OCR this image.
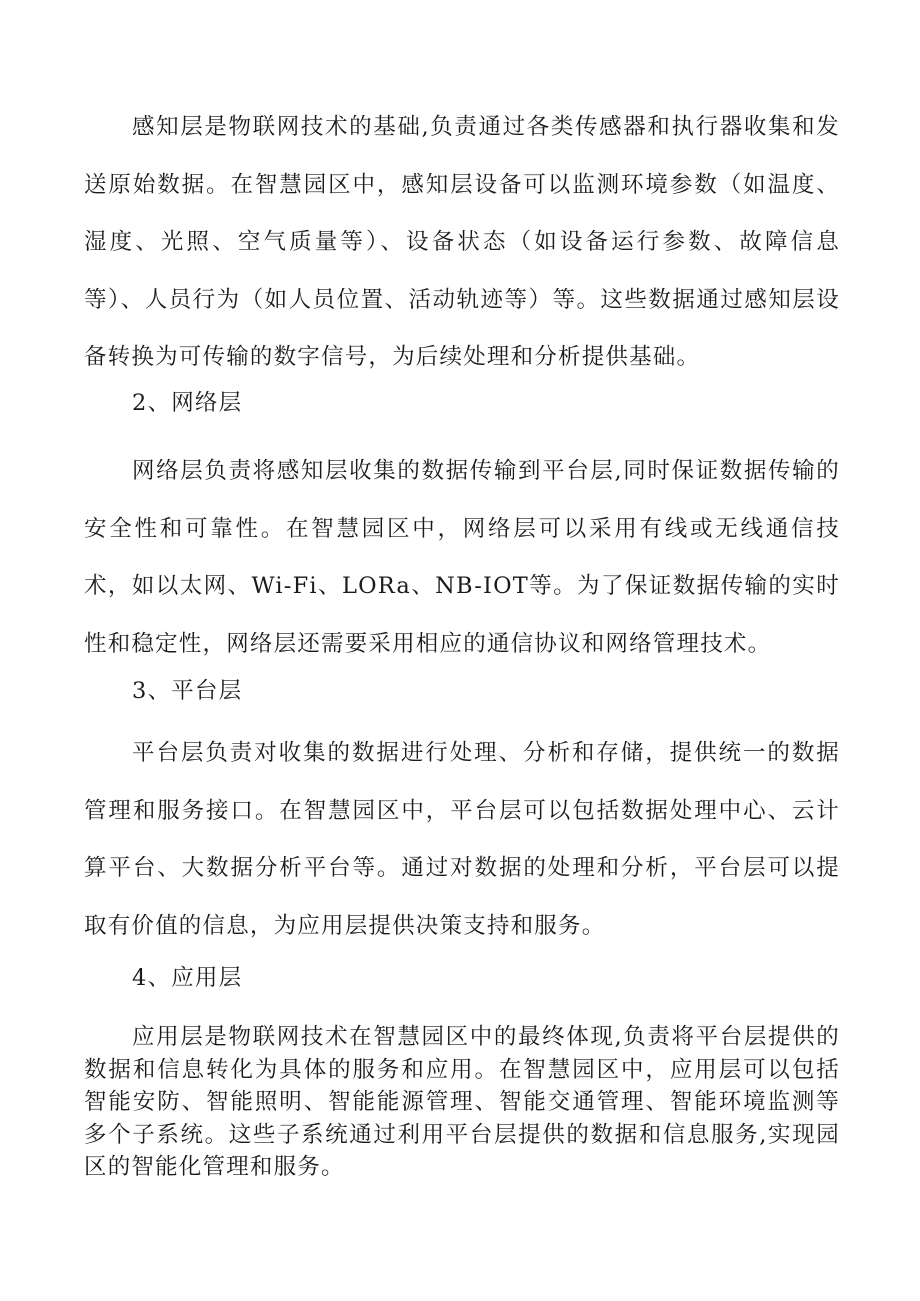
感知层是物联网技术的基础,负责通过各类传感器和执行器收集和发送原始数据。在智慧园区中，感知层设备可以监测环境参数（如温度、湿度、光照、空气质量等）、设备状态（如设备运行参数、故障信息等）、人员行为（如人员位置、活动轨迹等）等。这些数据通过感知层设备转换为可传输的数字信号，为后续处理和分析提供基础。

2、网络层

网络层负责将感知层收集的数据传输到平台层,同时保证数据传输的安全性和可靠性。在智慧园区中，网络层可以采用有线或无线通信技术，如以太网、Wi-Fi、LORa、NB-IOT等。为了保证数据传输的实时性和稳定性，网络层还需要采用相应的通信协议和网络管理技术。

3、平台层

平台层负责对收集的数据进行处理、分析和存储，提供统一的数据管理和服务接口。在智慧园区中，平台层可以包括数据处理中心、云计算平台、大数据分析平台等。通过对数据的处理和分析，平台层可以提取有价值的信息，为应用层提供决策支持和服务。

4、应用层

应用层是物联网技术在智慧园区中的最终体现,负责将平台层提供的数据和信息转化为具体的服务和应用。在智慧园区中，应用层可以包括智能安防、智能照明、智能能源管理、智能交通管理、智能环境监测等多个子系统。这些子系统通过利用平台层提供的数据和信息服务,实现园区的智能化管理和服务。
